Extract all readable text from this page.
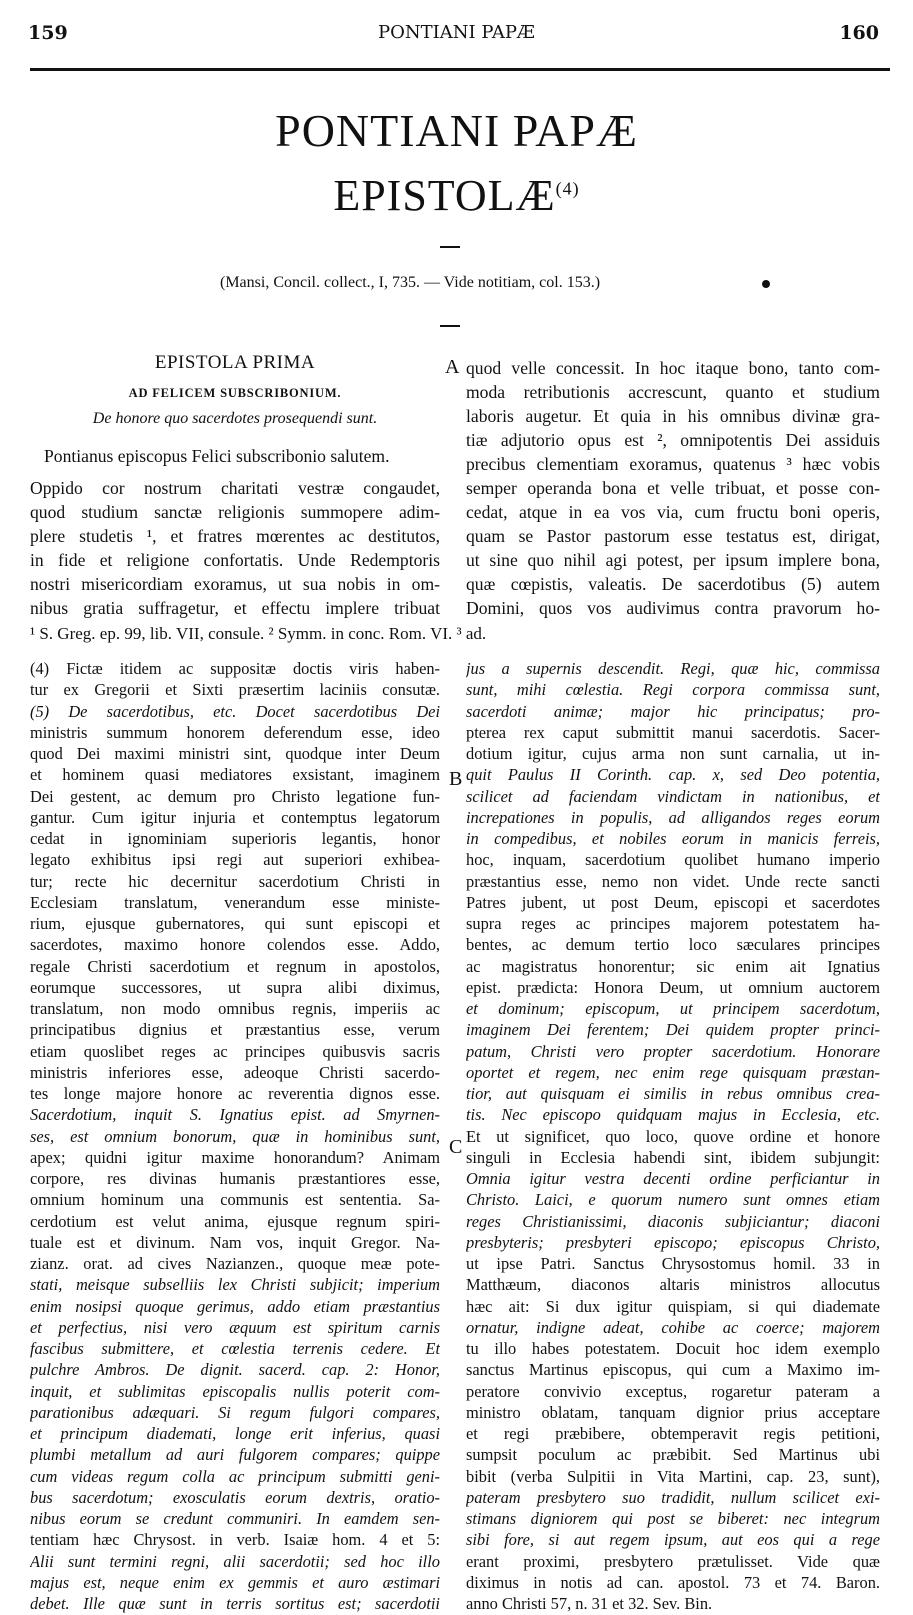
159	PONTIANI PAPÆ	160
PONTIANI PAPÆ
EPISTOLÆ$^{(4)}$
(Mansi, Concil. collect., I, 735. — Vide notitiam, col. 153.)
EPISTOLA PRIMA
AD FELICEM SUBSCRIBONIUM.
De honore quo sacerdotes prosequendi sunt.
Pontianus episcopus Felici subscribonio salutem.
A
B
C
Oppido cor nostrum charitati vestræ congaudet,
quod studium sanctæ religionis summopere adim-
plere studetis ¹, et fratres mœrentes ac destitutos,
in fide et religione confortatis. Unde Redemptoris
nostri misericordiam exoramus, ut sua nobis in om-
nibus gratia suffragetur, et effectu implere tribuat
quod velle concessit. In hoc itaque bono, tanto com-
moda retributionis accrescunt, quanto et studium
laboris augetur. Et quia in his omnibus divinæ gra-
tiæ adjutorio opus est ², omnipotentis Dei assiduis
precibus clementiam exoramus, quatenus ³ hæc vobis
semper operanda bona et velle tribuat, et posse con-
cedat, atque in ea vos via, cum fructu boni operis,
quam se Pastor pastorum esse testatus est, dirigat,
ut sine quo nihil agi potest, per ipsum implere bona,
quæ cœpistis, valeatis. De sacerdotibus (5) autem
Domini, quos vos audivimus contra pravorum ho-
¹ S. Greg. ep. 99, lib. VII, consule. ² Symm. in conc. Rom. VI. ³ ad.
(4) Fictæ itidem ac suppositæ doctis viris haben-
tur ex Gregorii et Sixti præsertim laciniis consutæ.
(5) De sacerdotibus, etc. Docet sacerdotibus Dei
ministris summum honorem deferendum esse, ideo
quod Dei maximi ministri sint, quodque inter Deum
et hominem quasi mediatores exsistant, imaginem
Dei gestent, ac demum pro Christo legatione fun-
gantur. Cum igitur injuria et contemptus legatorum
cedat in ignominiam superioris legantis, honor
legato exhibitus ipsi regi aut superiori exhibea-
tur; recte hic decernitur sacerdotium Christi in
Ecclesiam translatum, venerandum esse ministe-
rium, ejusque gubernatores, qui sunt episcopi et
sacerdotes, maximo honore colendos esse. Addo,
regale Christi sacerdotium et regnum in apostolos,
eorumque successores, ut supra alibi diximus,
translatum, non modo omnibus regnis, imperiis ac
principatibus dignius et præstantius esse, verum
etiam quoslibet reges ac principes quibusvis sacris
ministris inferiores esse, adeoque Christi sacerdo-
tes longe majore honore ac reverentia dignos esse.
Sacerdotium, inquit S. Ignatius epist. ad Smyrnen-
ses, est omnium bonorum, quæ in hominibus sunt,
apex; quidni igitur maxime honorandum? Animam
corpore, res divinas humanis præstantiores esse,
omnium hominum una communis est sententia. Sa-
cerdotium est velut anima, ejusque regnum spiri-
tuale est et divinum. Nam vos, inquit Gregor. Na-
zianz. orat. ad cives Nazianzen., quoque meæ pote-
stati, meisque subselliis lex Christi subjicit; imperium
enim nosipsi quoque gerimus, addo etiam præstantius
et perfectius, nisi vero æquum est spiritum carnis
fascibus submittere, et cœlestia terrenis cedere. Et
pulchre Ambros. De dignit. sacerd. cap. 2: Honor,
inquit, et sublimitas episcopalis nullis poterit com-
parationibus adæquari. Si regum fulgori compares,
et principum diademati, longe erit inferius, quasi
plumbi metallum ad auri fulgorem compares; quippe
cum videas regum colla ac principum submitti geni-
bus sacerdotum; exosculatis eorum dextris, oratio-
nibus eorum se credunt communiri. In eamdem sen-
tentiam hæc Chrysost. in verb. Isaiæ hom. 4 et 5:
Alii sunt termini regni, alii sacerdotii; sed hoc illo
majus est, neque enim ex gemmis et auro æstimari
debet. Ille quæ sunt in terris sortitus est; sacerdotii
jus a supernis descendit. Regi, quæ hic, commissa
sunt, mihi cœlestia. Regi corpora commissa sunt,
sacerdoti animæ; major hic principatus; pro-
pterea rex caput submittit manui sacerdotis. Sacer-
dotium igitur, cujus arma non sunt carnalia, ut in-
quit Paulus II Corinth. cap. x, sed Deo potentia,
scilicet ad faciendam vindictam in nationibus, et
increpationes in populis, ad alligandos reges eorum
in compedibus, et nobiles eorum in manicis ferreis,
hoc, inquam, sacerdotium quolibet humano imperio
præstantius esse, nemo non videt. Unde recte sancti
Patres jubent, ut post Deum, episcopi et sacerdotes
supra reges ac principes majorem potestatem ha-
bentes, ac demum tertio loco sæculares principes
ac magistratus honorentur; sic enim ait Ignatius
epist. prædicta: Honora Deum, ut omnium auctorem
et dominum; episcopum, ut principem sacerdotum,
imaginem Dei ferentem; Dei quidem propter princi-
patum, Christi vero propter sacerdotium. Honorare
oportet et regem, nec enim rege quisquam præstan-
tior, aut quisquam ei similis in rebus omnibus crea-
tis. Nec episcopo quidquam majus in Ecclesia, etc.
Et ut significet, quo loco, quove ordine et honore
singuli in Ecclesia habendi sint, ibidem subjungit:
Omnia igitur vestra decenti ordine perficiantur in
Christo. Laici, e quorum numero sunt omnes etiam
reges Christianissimi, diaconis subjiciantur; diaconi
presbyteris; presbyteri episcopo; episcopus Christo,
ut ipse Patri. Sanctus Chrysostomus homil. 33 in
Matthæum, diaconos altaris ministros allocutus
hæc ait: Si dux igitur quispiam, si qui diademate
ornatur, indigne adeat, cohibe ac coerce; majorem
tu illo habes potestatem. Docuit hoc idem exemplo
sanctus Martinus episcopus, qui cum a Maximo im-
peratore convivio exceptus, rogaretur pateram a
ministro oblatam, tanquam dignior prius acceptare
et regi præbibere, obtemperavit regis petitioni,
sumpsit poculum ac præbibit. Sed Martinus ubi
bibit (verba Sulpitii in Vita Martini, cap. 23, sunt),
pateram presbytero suo tradidit, nullum scilicet exi-
stimans digniorem qui post se biberet: nec integrum
sibi fore, si aut regem ipsum, aut eos qui a rege
erant proximi, presbytero prætulisset. Vide quæ
diximus in notis ad can. apostol. 73 et 74. Baron.
anno Christi 57, n. 31 et 32. Sev. Bin.
